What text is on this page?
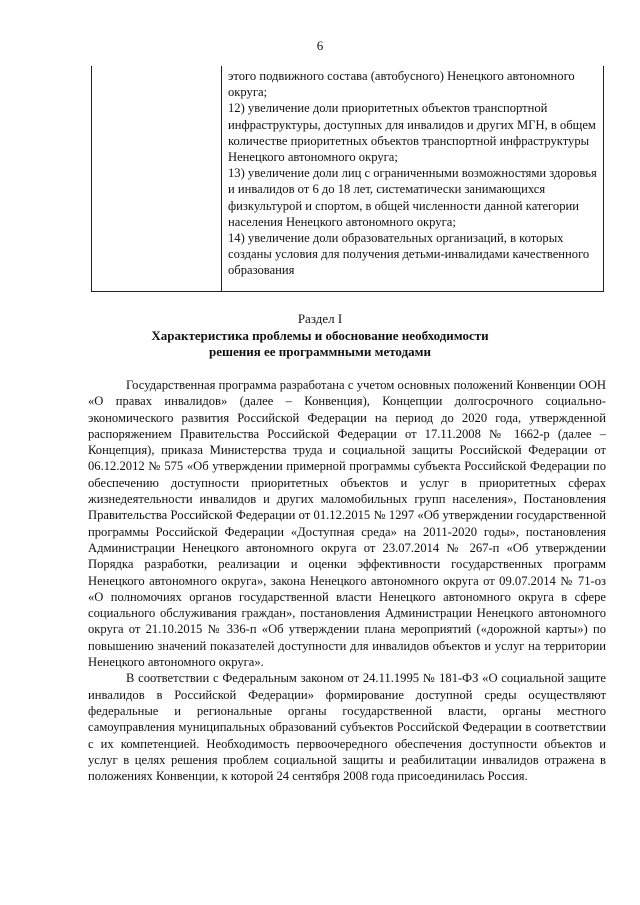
6

этого подвижного состава (автобусного) Ненецкого автономного округа;

12) увеличение доли приоритетных объектов транспортной инфраструктуры, доступных для инвалидов и других МГН, в общем количестве приоритетных объектов транспортной инфраструктуры Ненецкого автономного округа;

13) увеличение доли лиц с ограниченными возможностями здоровья и инвалидов от 6 до 18 лет, систематически занимающихся физкультурой и спортом, в общей численности данной категории населения Ненецкого автономного округа;

14) увеличение доли образовательных организаций, в которых созданы условия для получения детьми-инвалидами качественного образования

Раздел I
Характеристика проблемы и обоснование необходимости решения ее программными методами

Государственная программа разработана с учетом основных положений Конвенции ООН «О правах инвалидов» (далее – Конвенция), Концепции долгосрочного социально-экономического развития Российской Федерации на период до 2020 года, утвержденной распоряжением Правительства Российской Федерации от 17.11.2008 № 1662-р (далее – Концепция), приказа Министерства труда и социальной защиты Российской Федерации от 06.12.2012 № 575 «Об утверждении примерной программы субъекта Российской Федерации по обеспечению доступности приоритетных объектов и услуг в приоритетных сферах жизнедеятельности инвалидов и других маломобильных групп населения», Постановления Правительства Российской Федерации от 01.12.2015 № 1297 «Об утверждении государственной программы Российской Федерации «Доступная среда» на 2011-2020 годы», постановления Администрации Ненецкого автономного округа от 23.07.2014 № 267-п «Об утверждении Порядка разработки, реализации и оценки эффективности государственных программ Ненецкого автономного округа», закона Ненецкого автономного округа от 09.07.2014 № 71-оз «О полномочиях органов государственной власти Ненецкого автономного округа в сфере социального обслуживания граждан», постановления Администрации Ненецкого автономного округа от 21.10.2015 № 336-п «Об утверждении плана мероприятий («дорожной карты») по повышению значений показателей доступности для инвалидов объектов и услуг на территории Ненецкого автономного округа».

В соответствии с Федеральным законом от 24.11.1995 № 181-ФЗ «О социальной защите инвалидов в Российской Федерации» формирование доступной среды осуществляют федеральные и региональные органы государственной власти, органы местного самоуправления муниципальных образований субъектов Российской Федерации в соответствии с их компетенцией. Необходимость первоочередного обеспечения доступности объектов и услуг в целях решения проблем социальной защиты и реабилитации инвалидов отражена в положениях Конвенции, к которой 24 сентября 2008 года присоединилась Россия.
